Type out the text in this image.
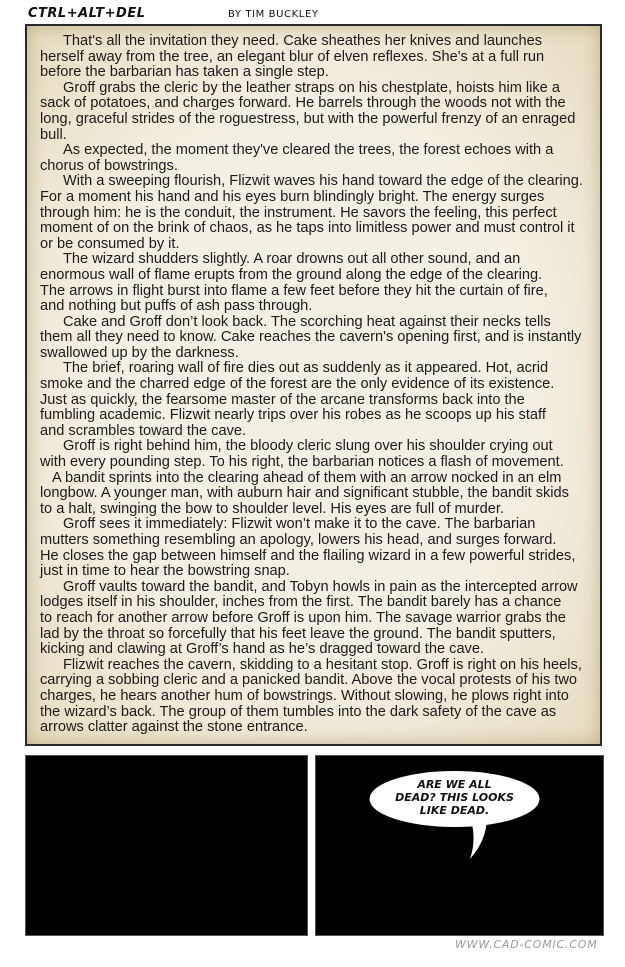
CTRL+ALT+DEL	BY TIM BUCKLEY
That's all the invitation they need. Cake sheathes her knives and launches
herself away from the tree, an elegant blur of elven reflexes. She's at a full run
before the barbarian has taken a single step.
Groff grabs the cleric by the leather straps on his chestplate, hoists him like a
sack of potatoes, and charges forward. He barrels through the woods not with the
long, graceful strides of the roguestress, but with the powerful frenzy of an enraged
bull.
As expected, the moment they've cleared the trees, the forest echoes with a
chorus of bowstrings.
With a sweeping flourish, Flizwit waves his hand toward the edge of the clearing.
For a moment his hand and his eyes burn blindingly bright. The energy surges
through him: he is the conduit, the instrument. He savors the feeling, this perfect
moment of on the brink of chaos, as he taps into limitless power and must control it
or be consumed by it.
The wizard shudders slightly. A roar drowns out all other sound, and an
enormous wall of flame erupts from the ground along the edge of the clearing.
The arrows in flight burst into flame a few feet before they hit the curtain of fire,
and nothing but puffs of ash pass through.
Cake and Groff don’t look back. The scorching heat against their necks tells
them all they need to know. Cake reaches the cavern's opening first, and is instantly
swallowed up by the darkness.
The brief, roaring wall of fire dies out as suddenly as it appeared. Hot, acrid
smoke and the charred edge of the forest are the only evidence of its existence.
Just as quickly, the fearsome master of the arcane transforms back into the
fumbling academic. Flizwit nearly trips over his robes as he scoops up his staff
and scrambles toward the cave.
Groff is right behind him, the bloody cleric slung over his shoulder crying out
with every pounding step. To his right, the barbarian notices a flash of movement.
A bandit sprints into the clearing ahead of them with an arrow nocked in an elm
longbow. A younger man, with auburn hair and significant stubble, the bandit skids
to a halt, swinging the bow to shoulder level. His eyes are full of murder.
Groff sees it immediately: Flizwit won’t make it to the cave. The barbarian
mutters something resembling an apology, lowers his head, and surges forward.
He closes the gap between himself and the flailing wizard in a few powerful strides,
just in time to hear the bowstring snap.
Groff vaults toward the bandit, and Tobyn howls in pain as the intercepted arrow
lodges itself in his shoulder, inches from the first. The bandit barely has a chance
to reach for another arrow before Groff is upon him. The savage warrior grabs the
lad by the throat so forcefully that his feet leave the ground. The bandit sputters,
kicking and clawing at Groff’s hand as he’s dragged toward the cave.
Flizwit reaches the cavern, skidding to a hesitant stop. Groff is right on his heels,
carrying a sobbing cleric and a panicked bandit. Above the vocal protests of his two
charges, he hears another hum of bowstrings. Without slowing, he plows right into
the wizard’s back. The group of them tumbles into the dark safety of the cave as
arrows clatter against the stone entrance.
ARE WE ALL
DEAD? THIS LOOKS
LIKE DEAD.
WWW.CAD-COMIC.COM
